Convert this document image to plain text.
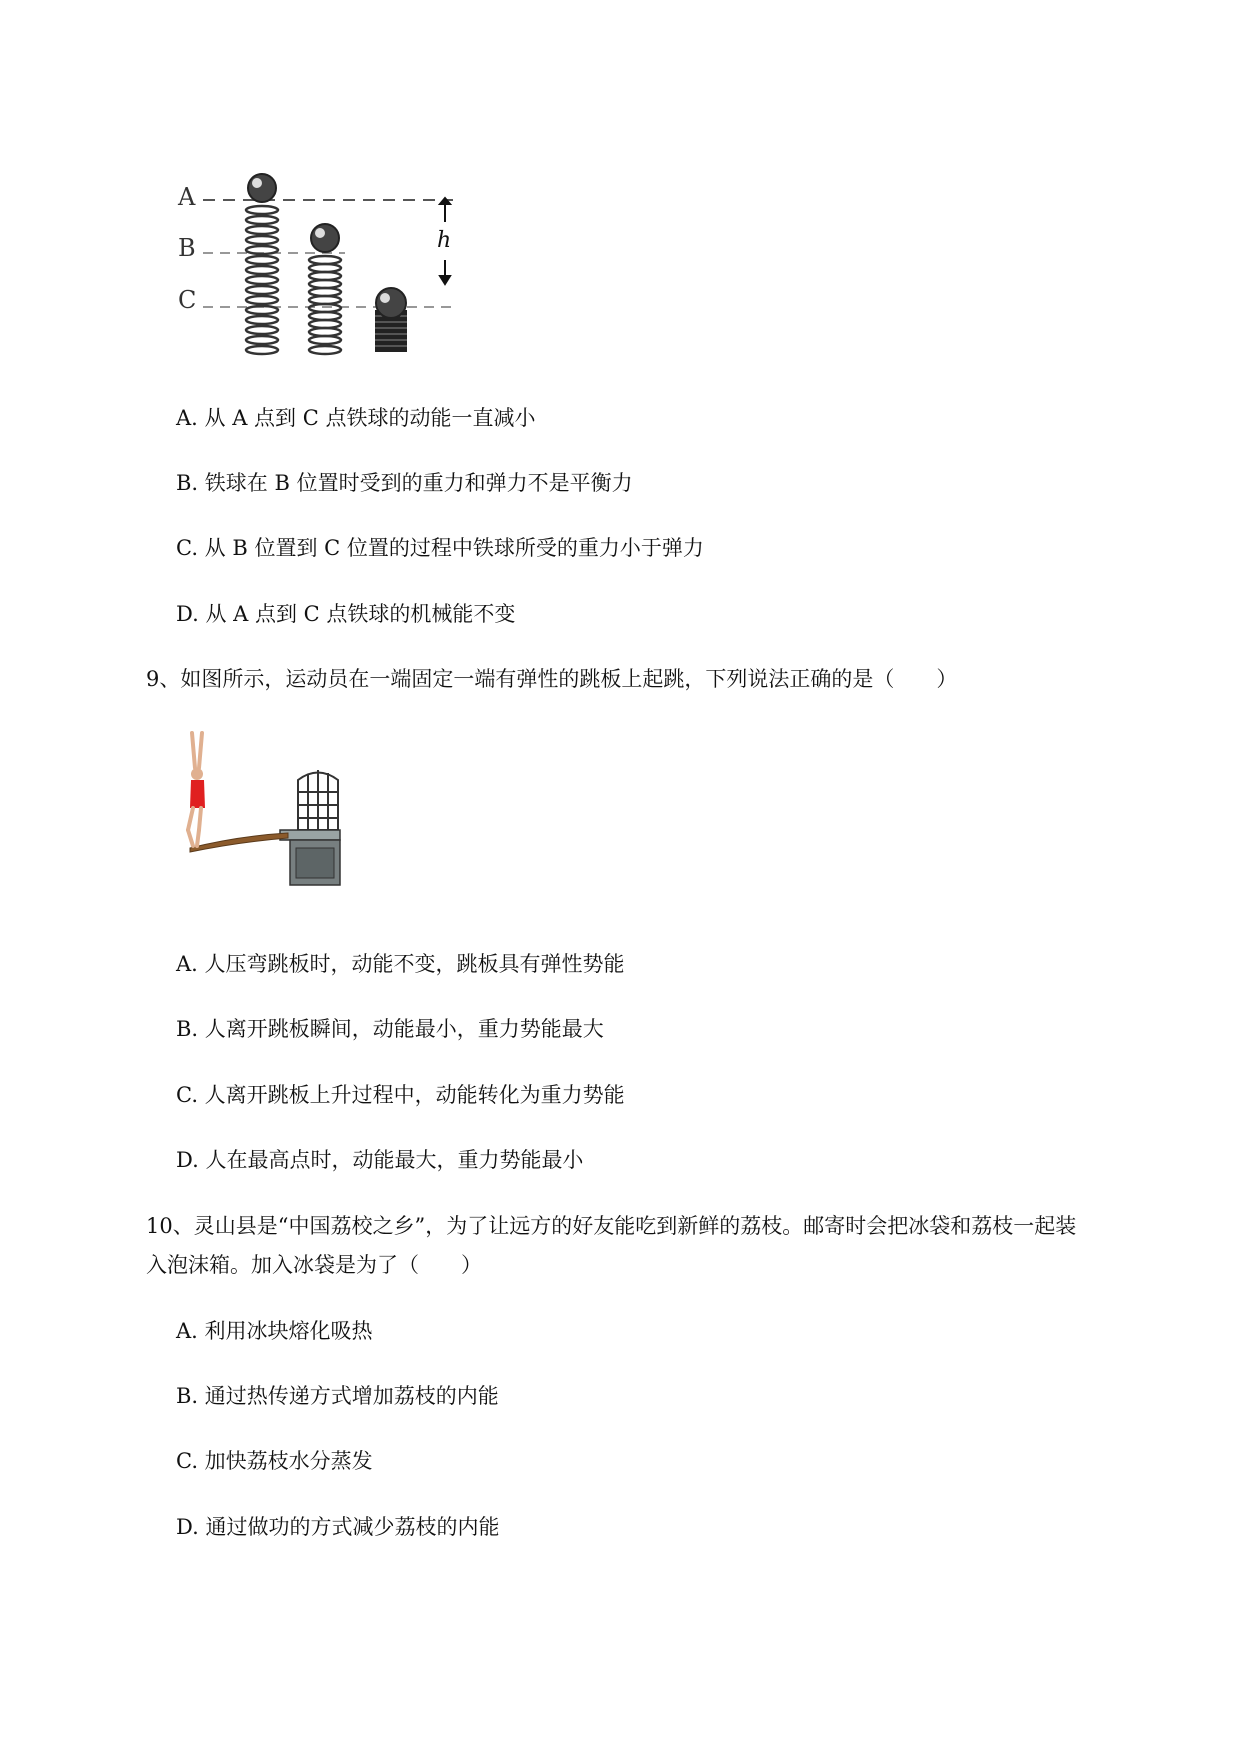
A
B
C
h
A. 从 A 点到 C 点铁球的动能一直减小
B. 铁球在 B 位置时受到的重力和弹力不是平衡力
C. 从 B 位置到 C 位置的过程中铁球所受的重力小于弹力
D. 从 A 点到 C 点铁球的机械能不变
9、如图所示，运动员在一端固定一端有弹性的跳板上起跳，下列说法正确的是（　　）
A. 人压弯跳板时，动能不变，跳板具有弹性势能
B. 人离开跳板瞬间，动能最小，重力势能最大
C. 人离开跳板上升过程中，动能转化为重力势能
D. 人在最高点时，动能最大，重力势能最小
10、灵山县是“中国荔校之乡”，为了让远方的好友能吃到新鲜的荔枝。邮寄时会把冰袋和荔枝一起装
入泡沫箱。加入冰袋是为了（　　）
A. 利用冰块熔化吸热
B. 通过热传递方式增加荔枝的内能
C. 加快荔枝水分蒸发
D. 通过做功的方式减少荔枝的内能
